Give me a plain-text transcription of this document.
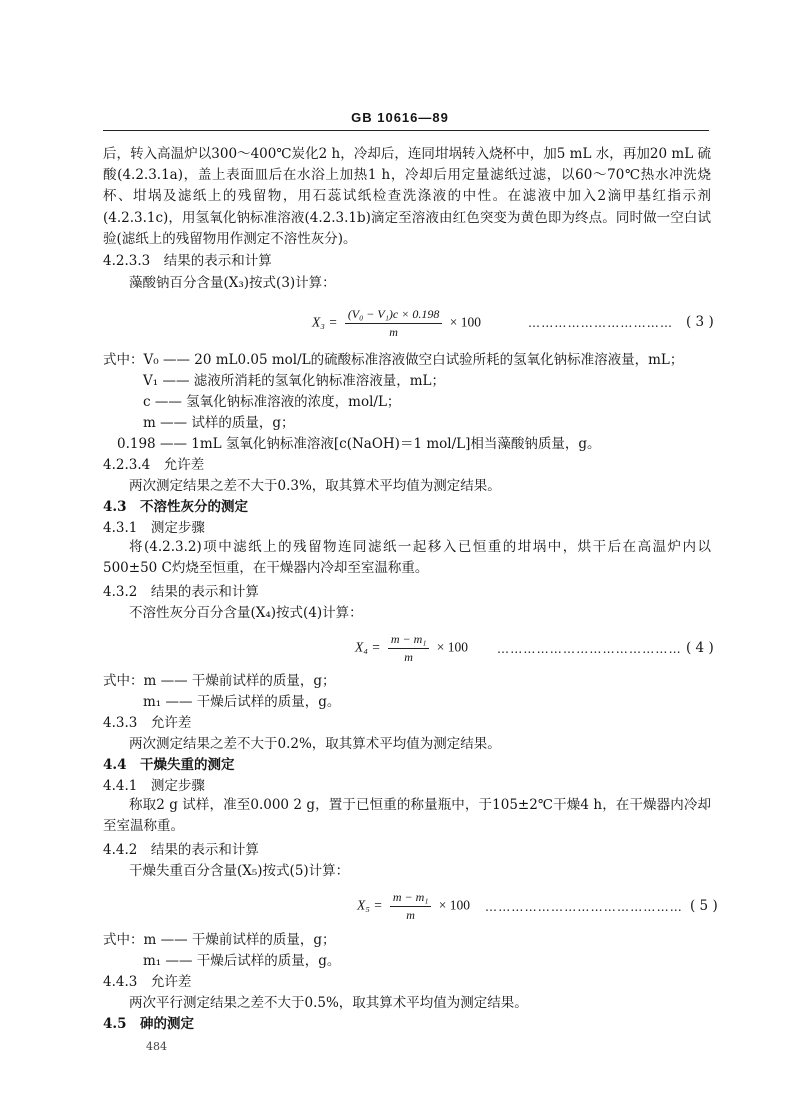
GB 10616—89
后，转入高温炉以300～400℃炭化2 h，冷却后，连同坩埚转入烧杯中，加5 mL 水，再加20 mL 硫酸(4.2.3.1a)，盖上表面皿后在水浴上加热1 h，冷却后用定量滤纸过滤，以60～70℃热水冲洗烧杯、坩埚及滤纸上的残留物，用石蕊试纸检查洗涤液的中性。在滤液中加入2滴甲基红指示剂(4.2.3.1c)，用氢氧化钠标准溶液(4.2.3.1b)滴定至溶液由红色突变为黄色即为终点。同时做一空白试验(滤纸上的残留物用作测定不溶性灰分)。
4.2.3.3　结果的表示和计算
藻酸钠百分含量(X₃)按式(3)计算：
$X_3 = \frac{\text{(V₀ − V₁)c × 0.198}}{m} \times 100$	…………………………… ( 3 )
式中：V₀ —— 20 mL0.05 mol/L的硫酸标准溶液做空白试验所耗的氢氧化钠标准溶液量，mL；
V₁ —— 滤液所消耗的氢氧化钠标准溶液量，mL；
c —— 氢氧化钠标准溶液的浓度，mol/L；
m —— 试样的质量，g；
0.198 —— 1mL 氢氧化钠标准溶液[c(NaOH)＝1 mol/L]相当藻酸钠质量，g。
4.2.3.4　允许差
两次测定结果之差不大于0.3%，取其算术平均值为测定结果。
4.3　不溶性灰分的测定
4.3.1　测定步骤
将(4.2.3.2)项中滤纸上的残留物连同滤纸一起移入已恒重的坩埚中，烘干后在高温炉内以500±50 C灼烧至恒重，在干燥器内冷却至室温称重。
4.3.2　结果的表示和计算
不溶性灰分百分含量(X₄)按式(4)计算：
$X_4 = \frac{\text{m − m₁}}{m} \times 100$ …………………………………… ( 4 )
式中：m —— 干燥前试样的质量，g；
m₁ —— 干燥后试样的质量，g。
4.3.3　允许差
两次测定结果之差不大于0.2%，取其算术平均值为测定结果。
4.4　干燥失重的测定
4.4.1　测定步骤
称取2 g 试样，准至0.000 2 g，置于已恒重的称量瓶中，于105±2℃干燥4 h，在干燥器内冷却至室温称重。
4.4.2　结果的表示和计算
干燥失重百分含量(X₅)按式(5)计算：
$X_5 = \frac{\text{m − m₁}}{m} \times 100$ ……………………………………… ( 5 )
式中：m —— 干燥前试样的质量，g；
m₁ —— 干燥后试样的质量，g。
4.4.3　允许差
两次平行测定结果之差不大于0.5%，取其算术平均值为测定结果。
4.5　砷的测定
484
